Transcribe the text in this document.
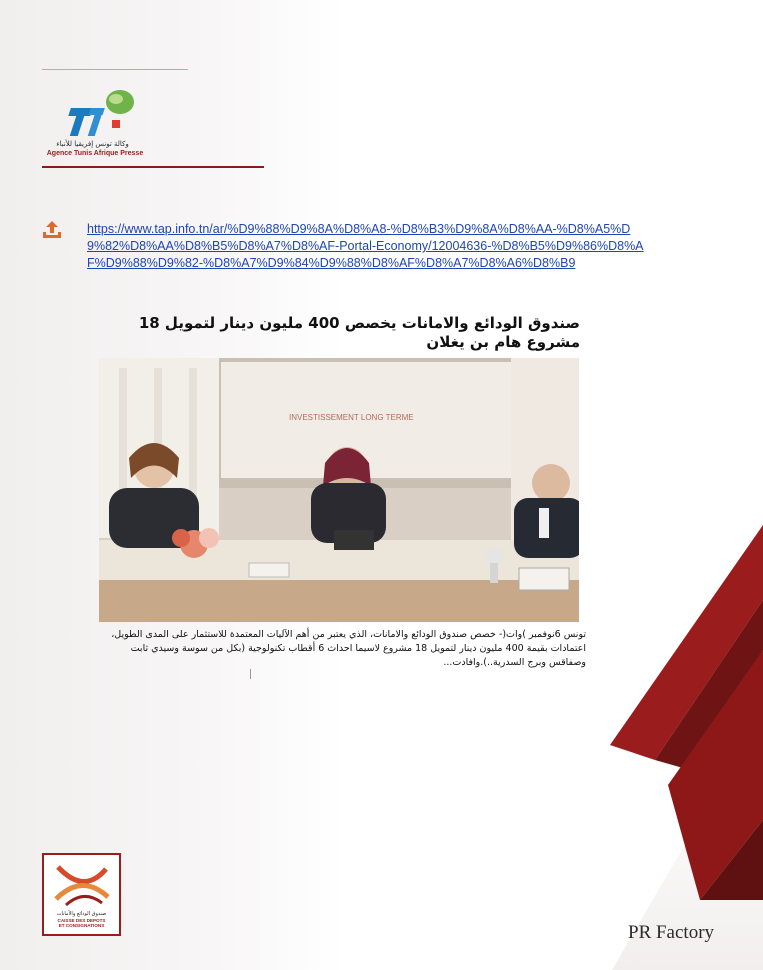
وكالة تونس إفريقيا للأنباء
Agence Tunis Afrique Presse
https://www.tap.info.tn/ar/%D9%88%D9%8A%D8%A8-%D8%B3%D9%8A%D8%AA-%D8%A5%D9%82%D8%AA%D8%B5%D8%A7%D8%AF-Portal-Economy/12004636-%D8%B5%D9%86%D8%AF%D9%88%D9%82-%D8%A7%D9%84%D9%88%D8%AF%D8%A7%D8%A6%D8%B9
صندوق الودائع والامانات يخصص 400 مليون دينار لتمويل 18 مشروع هام بن يغلان
INVESTISSEMENT LONG TERME
تونس 6نوفمبر )وات(- خصص صندوق الودائع والامانات، الذي يعتبر من أهم الآليات المعتمدة للاستثمار على المدى الطويل، اعتمادات بقيمة 400 مليون دينار لتمويل 18 مشروع لاسيما احداث 6 أقطاب تكنولوجية (بكل من سوسة وسيدي ثابت وصفاقس وبرج السدرية..).وافادت...
صندوق الودائع والأمانات
CAISSE DES DEPOTS
ET CONSIGNATIONS	PR Factory
